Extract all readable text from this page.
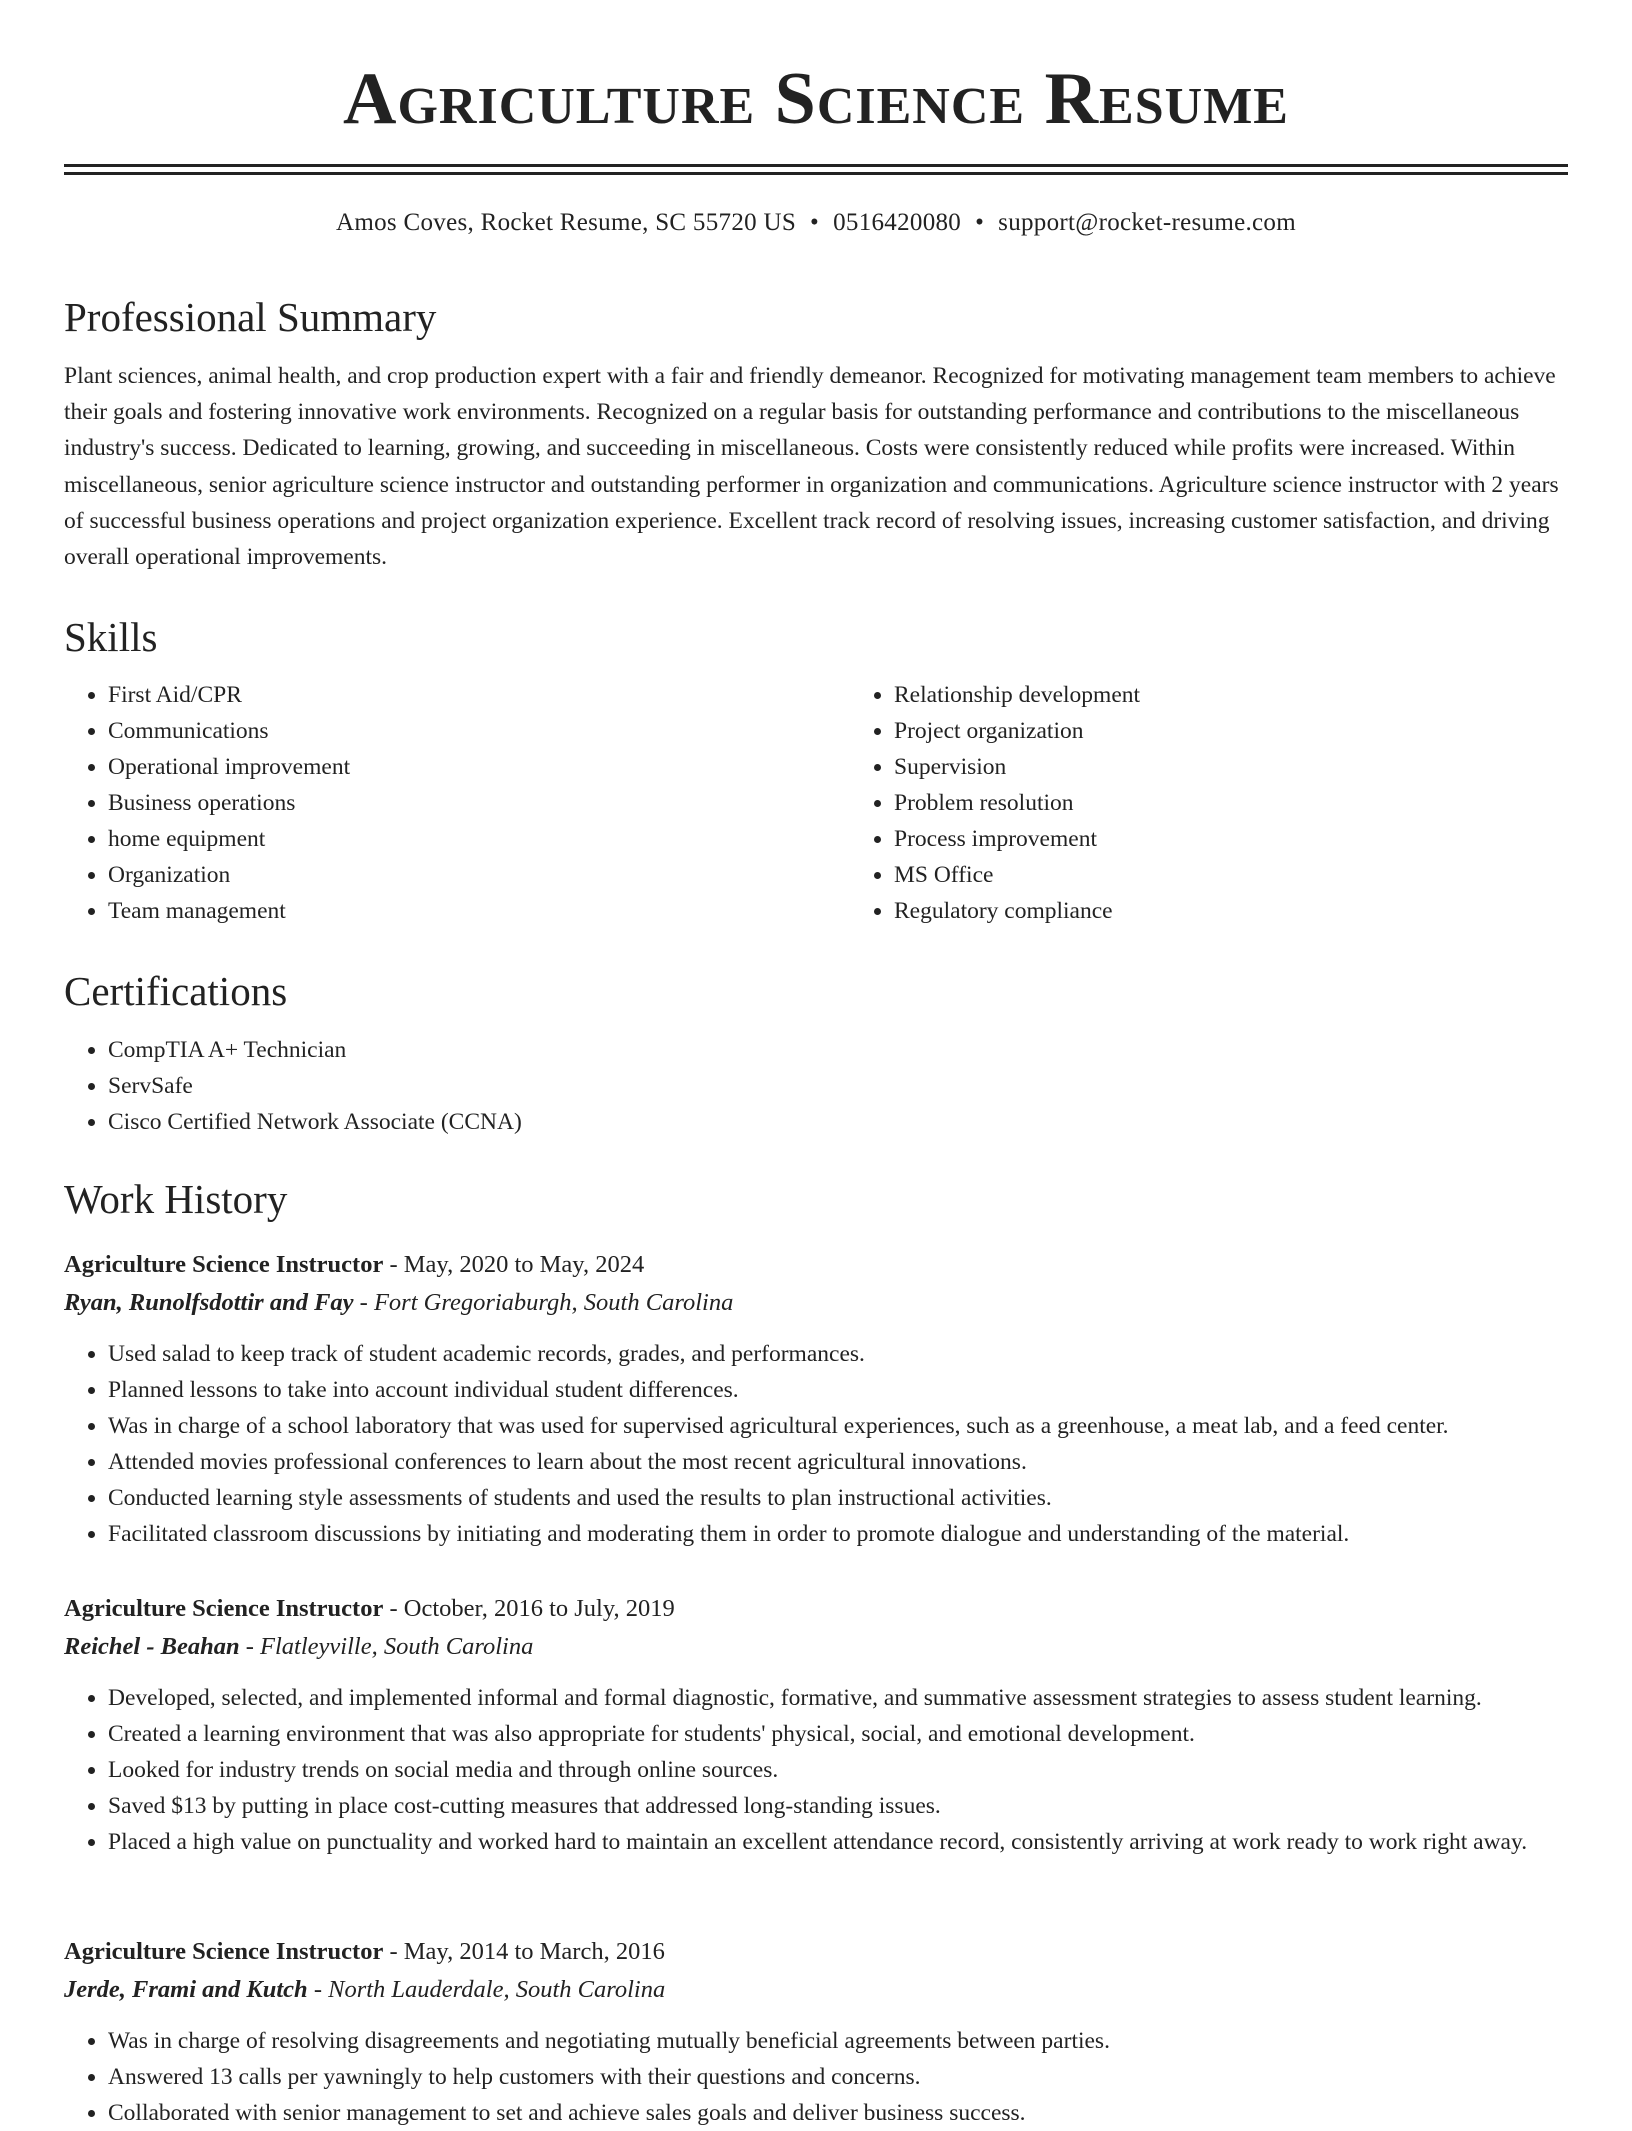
Agriculture Science Resume
Amos Coves, Rocket Resume, SC 55720 US • 0516420080 • support@rocket-resume.com
Professional Summary

Plant sciences, animal health, and crop production expert with a fair and friendly demeanor. Recognized for motivating management team members to achieve their goals and fostering innovative work environments. Recognized on a regular basis for outstanding performance and contributions to the miscellaneous industry's success. Dedicated to learning, growing, and succeeding in miscellaneous. Costs were consistently reduced while profits were increased. Within miscellaneous, senior agriculture science instructor and outstanding performer in organization and communications. Agriculture science instructor with 2 years of successful business operations and project organization experience. Excellent track record of resolving issues, increasing customer satisfaction, and driving overall operational improvements.

Skills
• First Aid/CPR
• Communications
• Operational improvement
• Business operations
• home equipment
• Organization
• Team management
• Relationship development
• Project organization
• Supervision
• Problem resolution
• Process improvement
• MS Office
• Regulatory compliance
Certifications
• CompTIA A+ Technician
• ServSafe
• Cisco Certified Network Associate (CCNA)
Work History
Agriculture Science Instructor - May, 2020 to May, 2024
Ryan, Runolfsdottir and Fay - Fort Gregoriaburgh, South Carolina
• Used salad to keep track of student academic records, grades, and performances.
• Planned lessons to take into account individual student differences.
• Was in charge of a school laboratory that was used for supervised agricultural experiences, such as a greenhouse, a meat lab, and a feed center.
• Attended movies professional conferences to learn about the most recent agricultural innovations.
• Conducted learning style assessments of students and used the results to plan instructional activities.
• Facilitated classroom discussions by initiating and moderating them in order to promote dialogue and understanding of the material.
Agriculture Science Instructor - October, 2016 to July, 2019
Reichel - Beahan - Flatleyville, South Carolina
• Developed, selected, and implemented informal and formal diagnostic, formative, and summative assessment strategies to assess student learning.
• Created a learning environment that was also appropriate for students' physical, social, and emotional development.
• Looked for industry trends on social media and through online sources.
• Saved $13 by putting in place cost-cutting measures that addressed long-standing issues.
• Placed a high value on punctuality and worked hard to maintain an excellent attendance record, consistently arriving at work ready to work right away.
Agriculture Science Instructor - May, 2014 to March, 2016
Jerde, Frami and Kutch - North Lauderdale, South Carolina
• Was in charge of resolving disagreements and negotiating mutually beneficial agreements between parties.
• Answered 13 calls per yawningly to help customers with their questions and concerns.
• Collaborated with senior management to set and achieve sales goals and deliver business success.
